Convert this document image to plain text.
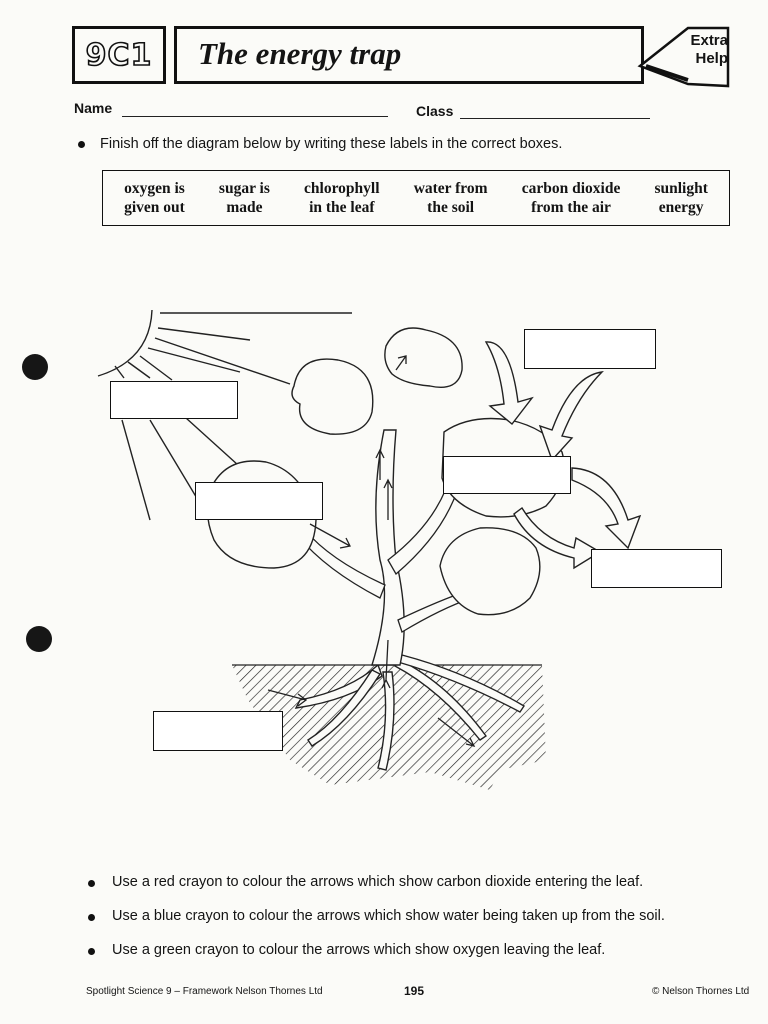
9C1 The energy trap	Extra
Help
Name	Class
Finish off the diagram below by writing these labels in the correct boxes.
oxygen is
given out
sugar is
made
chlorophyll
in the leaf
water from
the soil
carbon dioxide
from the air
sunlight
energy
Use a red crayon to colour the arrows which show carbon dioxide entering the leaf.
Use a blue crayon to colour the arrows which show water being taken up from the soil.
Use a green crayon to colour the arrows which show oxygen leaving the leaf.
Spotlight Science 9 – Framework Nelson Thornes Ltd	195	© Nelson Thornes Ltd
